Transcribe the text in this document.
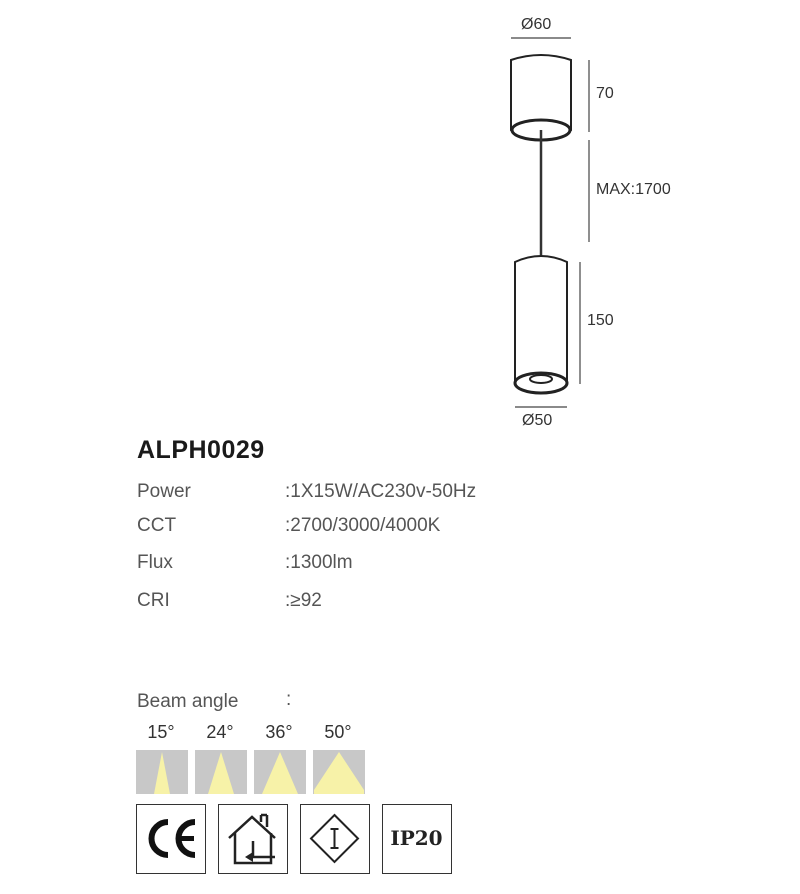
Ø60
70
MAX:1700
150
Ø50
ALPH0029
Power	:1X15W/AC230v-50Hz
CCT	:2700/3000/4000K
Flux	:1300lm
CRI	:≥92
Beam angle	:
15°	24°	36°	50°
IP20
